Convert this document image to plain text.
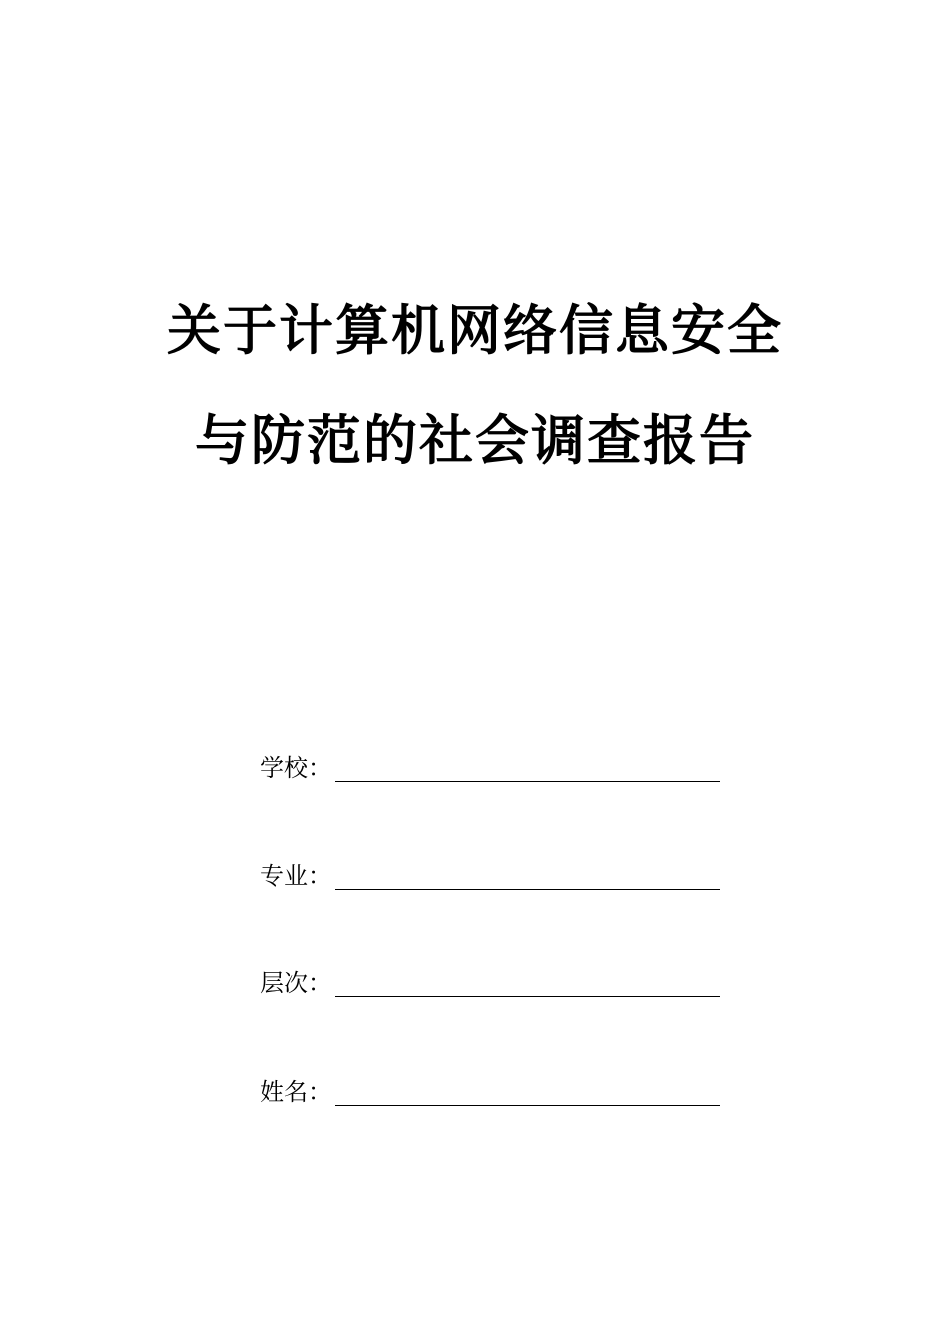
关于计算机网络信息安全
与防范的社会调查报告
学校：
专业：
层次：
姓名：
